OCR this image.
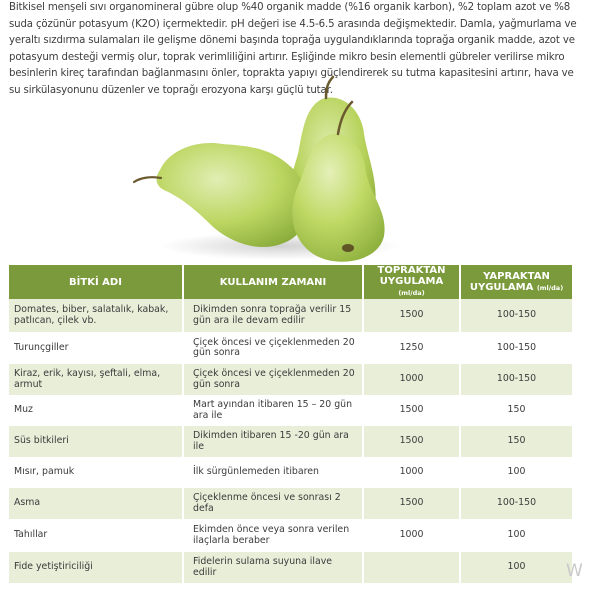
Bitkisel menşeli sıvı organomineral gübre olup %40 organik madde (%16 organik karbon), %2 toplam azot ve %8 suda çözünür potasyum (K2O) içermektedir. pH değeri ise 4.5-6.5 arasında değişmektedir. Damla, yağmurlama ve yeraltı sızdırma sulamaları ile gelişme dönemi başında toprağa uygulandıklarında toprağa organik madde, azot ve potasyum desteği vermiş olur, toprak verimliliğini artırır. Eşliğinde mikro besin elementli gübreler verilirse mikro besinlerin kireç tarafından bağlanmasını önler, toprakta yapıyı güçlendirerek su tutma kapasitesini artırır, hava ve su sirkülasyonunu düzenler ve toprağı erozyona karşı güçlü tutar.

BİTKİ ADI	KULLANIM ZAMANI	TOPRAKTAN UYGULAMA (ml/da)	YAPRAKTAN UYGULAMA (ml/da)
Domates, biber, salatalık, kabak, patlıcan, çilek vb.	Dikimden sonra toprağa verilir 15 gün ara ile devam edilir	1500	100-150
Turunçgiller	Çiçek öncesi ve çiçeklenmeden 20 gün sonra	1250	100-150
Kiraz, erik, kayısı, şeftali, elma, armut	Çiçek öncesi ve çiçeklenmeden 20 gün sonra	1000	100-150
Muz	Mart ayından itibaren 15 – 20 gün ara ile	1500	150
Süs bitkileri	Dikimden itibaren 15 -20 gün ara ile	1500	150
Mısır, pamuk	İlk sürgünlemeden itibaren	1000	100
Asma	Çiçeklenme öncesi ve sonrası 2 defa	1500	100-150
Tahıllar	Ekimden önce veya sonra verilen ilaçlarla beraber	1000	100
Fide yetiştiriciliği	Fidelerin sulama suyuna ilave edilir		100 W
